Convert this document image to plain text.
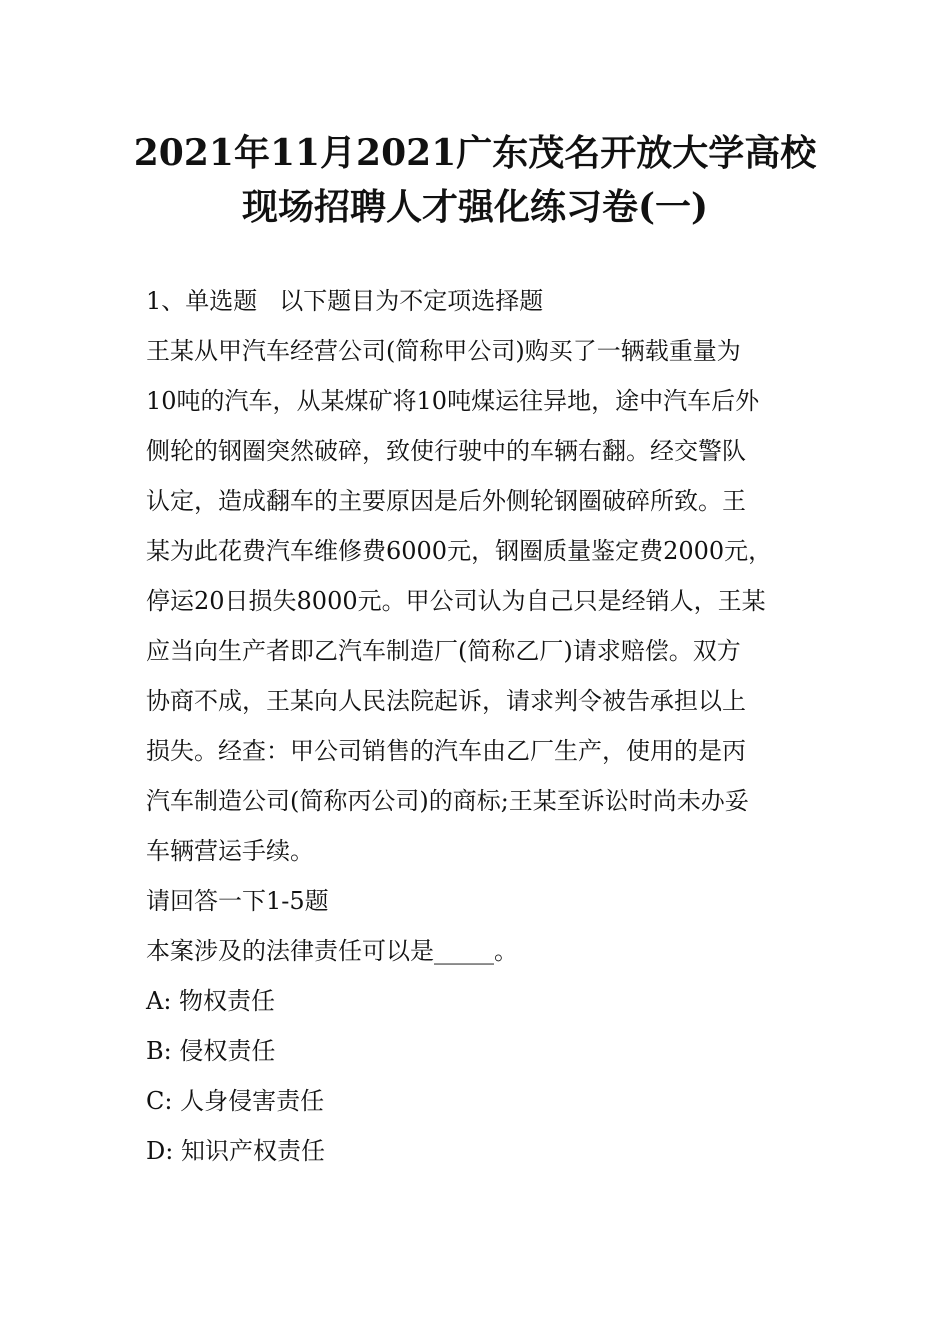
2021年11月2021广东茂名开放大学高校
现场招聘人才强化练习卷(一)
1、单选题 以下题目为不定项选择题
王某从甲汽车经营公司(简称甲公司)购买了一辆载重量为
10吨的汽车，从某煤矿将10吨煤运往异地，途中汽车后外
侧轮的钢圈突然破碎，致使行驶中的车辆右翻。经交警队
认定，造成翻车的主要原因是后外侧轮钢圈破碎所致。王
某为此花费汽车维修费6000元，钢圈质量鉴定费2000元，
停运20日损失8000元。甲公司认为自己只是经销人，王某
应当向生产者即乙汽车制造厂(简称乙厂)请求赔偿。双方
协商不成，王某向人民法院起诉，请求判令被告承担以上
损失。经查：甲公司销售的汽车由乙厂生产，使用的是丙
汽车制造公司(简称丙公司)的商标;王某至诉讼时尚未办妥
车辆营运手续。
请回答一下1-5题
本案涉及的法律责任可以是_____。
A: 物权责任
B: 侵权责任
C: 人身侵害责任
D: 知识产权责任
